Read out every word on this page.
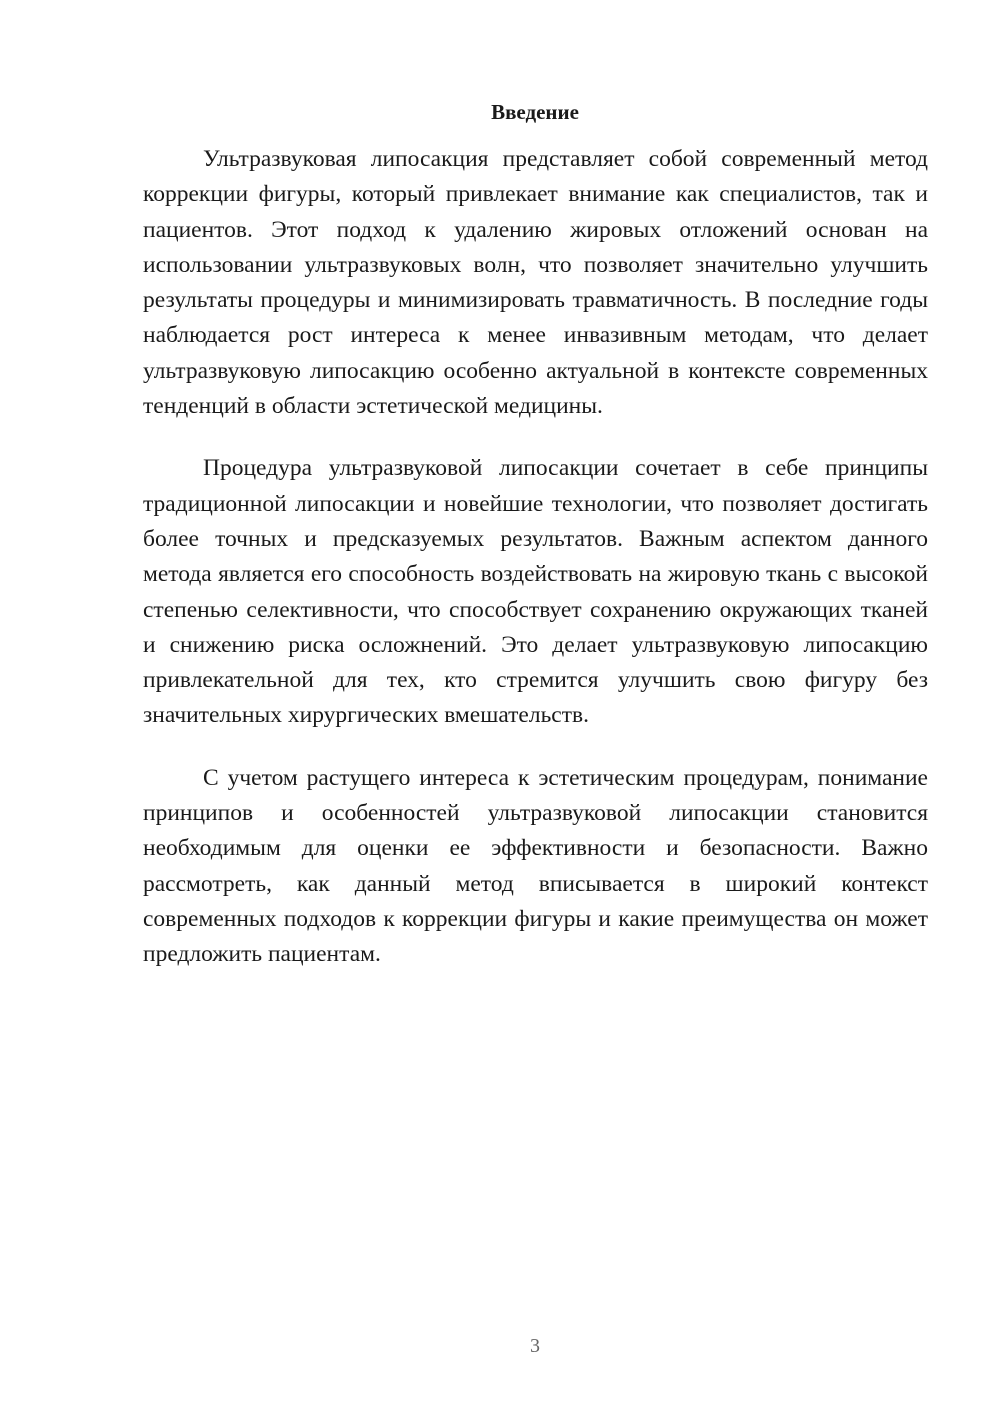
Введение

Ультразвуковая липосакция представляет собой современный метод коррекции фигуры, который привлекает внимание как специалистов, так и пациентов. Этот подход к удалению жировых отложений основан на использовании ультразвуковых волн, что позволяет значительно улучшить результаты процедуры и минимизировать травматичность. В последние годы наблюдается рост интереса к менее инвазивным методам, что делает ультразвуковую липосакцию особенно актуальной в контексте современных тенденций в области эстетической медицины.

Процедура ультразвуковой липосакции сочетает в себе принципы традиционной липосакции и новейшие технологии, что позволяет достигать более точных и предсказуемых результатов. Важным аспектом данного метода является его способность воздействовать на жировую ткань с высокой степенью селективности, что способствует сохранению окружающих тканей и снижению риска осложнений. Это делает ультразвуковую липосакцию привлекательной для тех, кто стремится улучшить свою фигуру без значительных хирургических вмешательств.

С учетом растущего интереса к эстетическим процедурам, понимание принципов и особенностей ультразвуковой липосакции становится необходимым для оценки ее эффективности и безопасности. Важно рассмотреть, как данный метод вписывается в широкий контекст современных подходов к коррекции фигуры и какие преимущества он может предложить пациентам.

3
